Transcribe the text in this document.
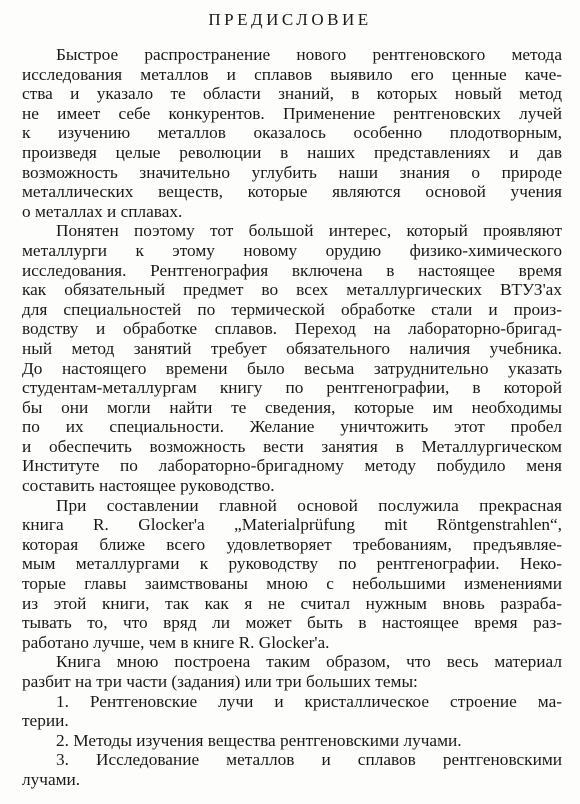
ПРЕДИСЛОВИЕ
Быстрое распространение нового рентгеновского метода
исследования металлов и сплавов выявило его ценные каче-
ства и указало те области знаний, в которых новый метод
не имеет себе конкурентов. Применение рентгеновских лучей
к изучению металлов оказалось особенно плодотворным,
произведя целые революции в наших представлениях и дав
возможность значительно углубить наши знания о природе
металлических веществ, которые являются основой учения
о металлах и сплавах.
Понятен поэтому тот большой интерес, который проявляют
металлурги к этому новому орудию физико-химического
исследования. Рентгенография включена в настоящее время
как обязательный предмет во всех металлургических ВТУЗ'ах
для специальностей по термической обработке стали и произ-
водству и обработке сплавов. Переход на лабораторно-бригад-
ный метод занятий требует обязательного наличия учебника.
До настоящего времени было весьма затруднительно указать
студентам-металлургам книгу по рентгенографии, в которой
бы они могли найти те сведения, которые им необходимы
по их специальности. Желание уничтожить этот пробел
и обеспечить возможность вести занятия в Металлургическом
Институте по лабораторно-бригадному методу побудило меня
составить настоящее руководство.
При составлении главной основой послужила прекрасная
книга R. Glocker'a „Materialprüfung mit Röntgenstrahlen“,
которая ближе всего удовлетворяет требованиям, предъявляе-
мым металлургами к руководству по рентгенографии. Неко-
торые главы заимствованы мною с небольшими изменениями
из этой книги, так как я не считал нужным вновь разраба-
тывать то, что вряд ли может быть в настоящее время раз-
работано лучше, чем в книге R. Glocker'a.
Книга мною построена таким образом, что весь материал
разбит на три части (задания) или три больших темы:
1. Рентгеновские лучи и кристаллическое строение ма-
терии.
2. Методы изучения вещества рентгеновскими лучами.
3. Исследование металлов и сплавов рентгеновскими
лучами.
